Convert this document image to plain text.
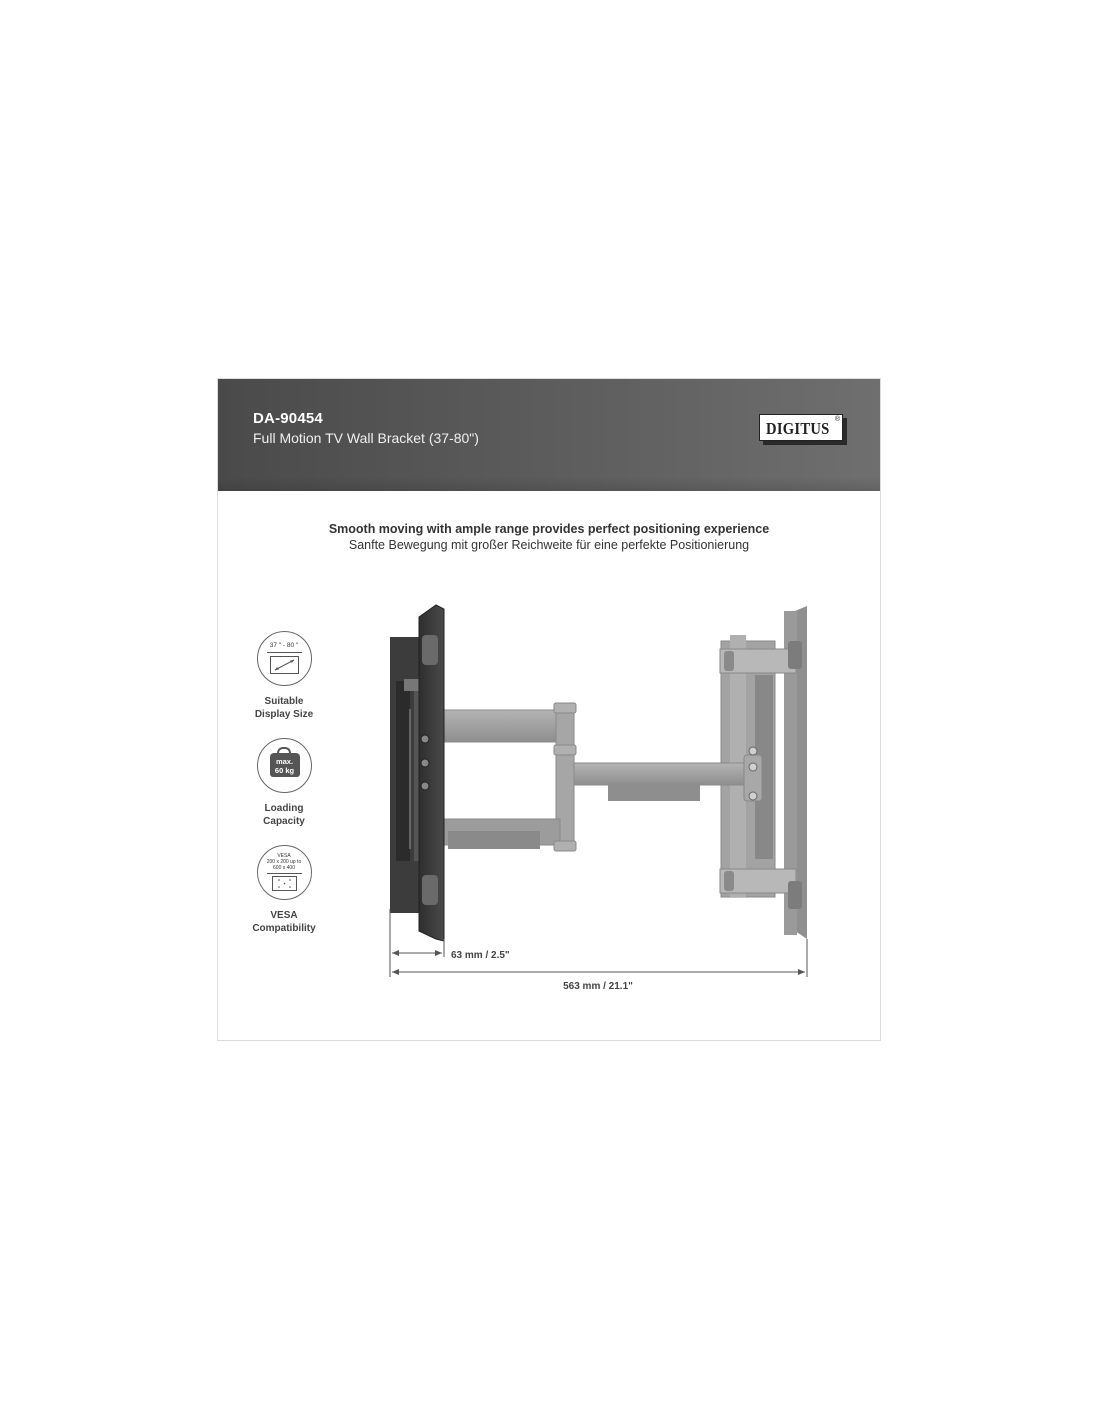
DA-90454
Full Motion TV Wall Bracket (37-80")	DIGITUS ®
Smooth moving with ample range provides perfect positioning experience
Sanfte Bewegung mit großer Reichweite für eine perfekte Positionierung
37 " - 80 "
Suitable
Display Size
max.
60 kg
Loading
Capacity
VESA
200 x 200 up to
600 x 400
VESA
Compatibility
63 mm / 2.5"
563 mm / 21.1"
